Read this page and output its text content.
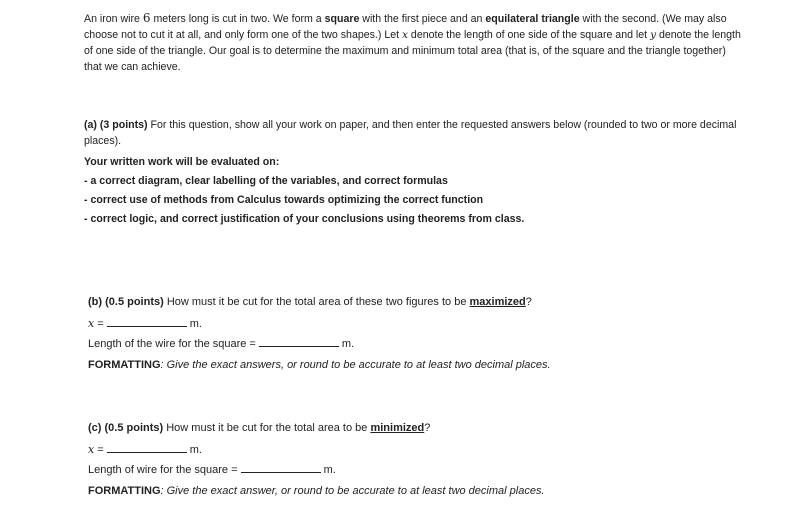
An iron wire 6 meters long is cut in two. We form a square with the first piece and an equilateral triangle with the second. (We may also choose not to cut it at all, and only form one of the two shapes.) Let x denote the length of one side of the square and let y denote the length of one side of the triangle. Our goal is to determine the maximum and minimum total area (that is, of the square and the triangle together) that we can achieve.
(a) (3 points) For this question, show all your work on paper, and then enter the requested answers below (rounded to two or more decimal places).
Your written work will be evaluated on:
- a correct diagram, clear labelling of the variables, and correct formulas
- correct use of methods from Calculus towards optimizing the correct function
- correct logic, and correct justification of your conclusions using theorems from class.
(b) (0.5 points) How must it be cut for the total area of these two figures to be maximized?
x =	m.
Length of the wire for the square =	m.
FORMATTING: Give the exact answers, or round to be accurate to at least two decimal places.
(c) (0.5 points) How must it be cut for the total area to be minimized?
x =	m.
Length of wire for the square =	m.
FORMATTING: Give the exact answer, or round to be accurate to at least two decimal places.
